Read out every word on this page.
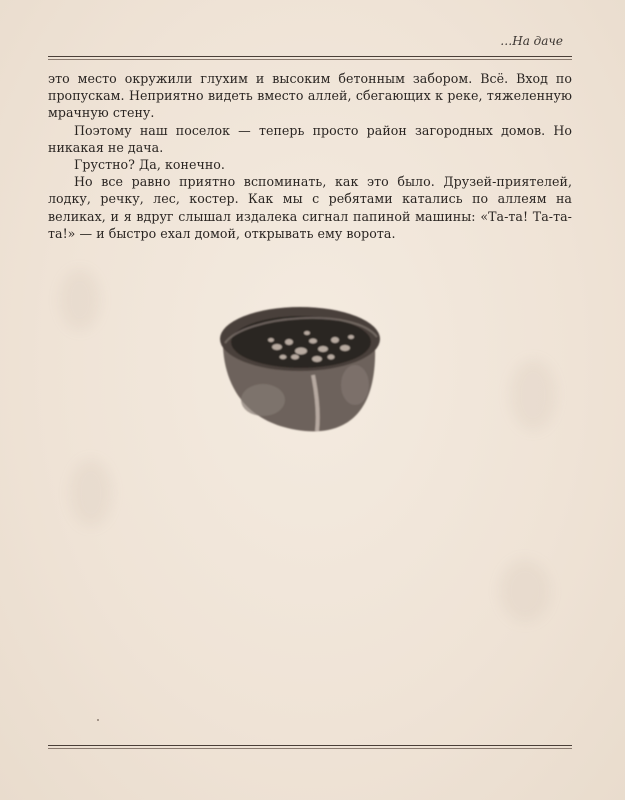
…На даче

это место окружили глухим и высоким бетонным забором. Всё. Вход по пропускам. Неприятно видеть вместо аллей, сбегающих к реке, тяжеленную мрачную стену.

Поэтому наш поселок — теперь просто район загородных домов. Но никакая не дача.

Грустно? Да, конечно.

Но все равно приятно вспоминать, как это было. Друзей-приятелей, лодку, речку, лес, костер. Как мы с ребятами катались по аллеям на великах, и я вдруг слышал издалека сигнал папиной машины: «Та-та! Та-та-та!» — и быстро ехал домой, открывать ему ворота.
